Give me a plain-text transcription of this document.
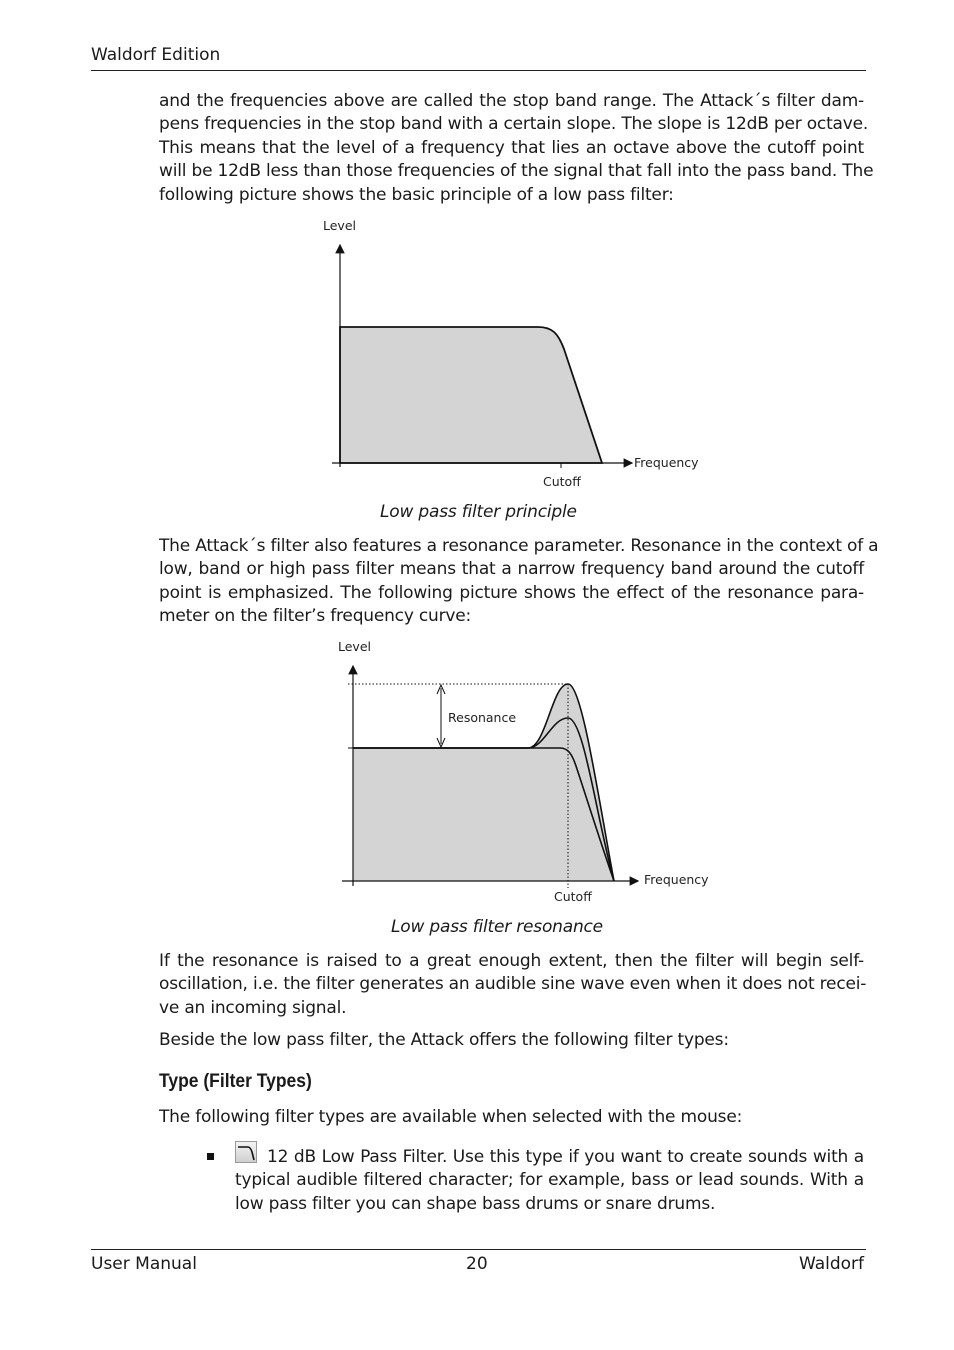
Waldorf Edition
and the frequencies above are called the stop band range. The Attack´s filter dam-
pens frequencies in the stop band with a certain slope. The slope is 12dB per octave.
This means that the level of a frequency that lies an octave above the cutoff point
will be 12dB less than those frequencies of the signal that fall into the pass band. The
following picture shows the basic principle of a low pass filter:
Level
Frequency
Cutoff
Low pass filter principle
The Attack´s filter also features a resonance parameter. Resonance in the context of a
low, band or high pass filter means that a narrow frequency band around the cutoff
point is emphasized. The following picture shows the effect of the resonance para-
meter on the filter’s frequency curve:
Level
Resonance
Frequency
Cutoff
Low pass filter resonance
If the resonance is raised to a great enough extent, then the filter will begin self-
oscillation, i.e. the filter generates an audible sine wave even when it does not recei-
ve an incoming signal.
Beside the low pass filter, the Attack offers the following filter types:
Type (Filter Types)
The following filter types are available when selected with the mouse:
12 dB Low Pass Filter. Use this type if you want to create sounds with a
typical audible filtered character; for example, bass or lead sounds. With a
low pass filter you can shape bass drums or snare drums.
User Manual	20	Waldorf
